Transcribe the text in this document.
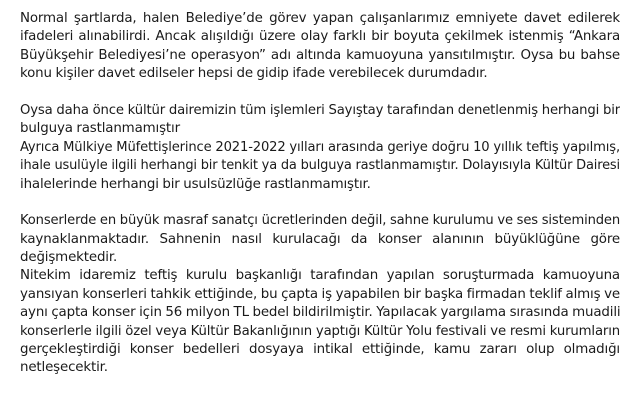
Normal şartlarda, halen Belediye’de görev yapan çalışanlarımız emniyete davet edilerek
ifadeleri alınabilirdi. Ancak alışıldığı üzere olay farklı bir boyuta çekilmek istenmiş “Ankara
Büyükşehir Belediyesi’ne operasyon” adı altında kamuoyuna yansıtılmıştır. Oysa bu bahse
konu kişiler davet edilseler hepsi de gidip ifade verebilecek durumdadır.
Oysa daha önce kültür dairemizin tüm işlemleri Sayıştay tarafından denetlenmiş herhangi bir
bulguya rastlanmamıştır
Ayrıca Mülkiye Müfettişlerince 2021-2022 yılları arasında geriye doğru 10 yıllık teftiş yapılmış,
ihale usulüyle ilgili herhangi bir tenkit ya da bulguya rastlanmamıştır. Dolayısıyla Kültür Dairesi
ihalelerinde herhangi bir usulsüzlüğe rastlanmamıştır.
Konserlerde en büyük masraf sanatçı ücretlerinden değil, sahne kurulumu ve ses sisteminden
kaynaklanmaktadır. Sahnenin nasıl kurulacağı da konser alanının büyüklüğüne göre
değişmektedir.
Nitekim idaremiz teftiş kurulu başkanlığı tarafından yapılan soruşturmada kamuoyuna
yansıyan konserleri tahkik ettiğinde, bu çapta iş yapabilen bir başka firmadan teklif almış ve
aynı çapta konser için 56 milyon TL bedel bildirilmiştir. Yapılacak yargılama sırasında muadili
konserlerle ilgili özel veya Kültür Bakanlığının yaptığı Kültür Yolu festivali ve resmi kurumların
gerçekleştirdiği konser bedelleri dosyaya intikal ettiğinde, kamu zararı olup olmadığı
netleşecektir.
